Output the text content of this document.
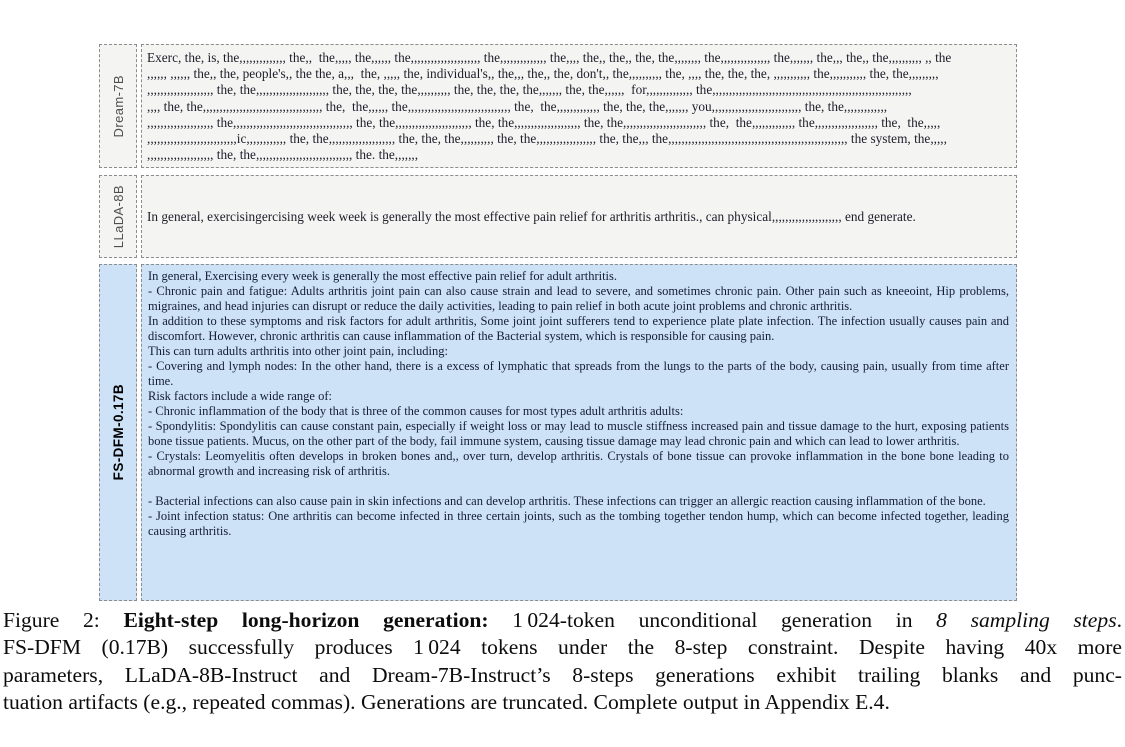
Dream-7B
Exerc, the, is, the,,,,,,,,,,,,,, the,,  the,,,,, the,,,,,, the,,,,,,,,,,,,,,,,,,,,, the,,,,,,,,,,,,,, the,,,, the,, the,, the, the,,,,,,,, the,,,,,,,,,,,,,,, the,,,,,,, the,,, the,, the,,,,,,,,,, ,, the
,,,,,, ,,,,,, the,, the, people's,, the the, a,,,  the, ,,,,, the, individual's,, the,,, the,, the, don't,, the,,,,,,,,,, the, ,,,, the, the, the, ,,,,,,,,,,, the,,,,,,,,,,, the, the,,,,,,,,,
,,,,,,,,,,,,,,,,,,,, the, the,,,,,,,,,,,,,,,,,,,,,, the, the, the, the,,,,,,,,,, the, the, the, the,,,,,,, the, the,,,,,,  for,,,,,,,,,,,,,, the,,,,,,,,,,,,,,,,,,,,,,,,,,,,,,,,,,,,,,,,,,,,,,,,,,,,,,,,,,,,
,,,, the, the,,,,,,,,,,,,,,,,,,,,,,,,,,,,,,,,,,,, the,  the,,,,,, the,,,,,,,,,,,,,,,,,,,,,,,,,,,,,,, the,  the,,,,,,,,,,,,, the, the, the,,,,,,, you,,,,,,,,,,,,,,,,,,,,,,,,,,, the, the,,,,,,,,,,,,,
,,,,,,,,,,,,,,,,,,,, the,,,,,,,,,,,,,,,,,,,,,,,,,,,,,,,,,,,, the, the,,,,,,,,,,,,,,,,,,,,,,, the, the,,,,,,,,,,,,,,,,,,,, the, the,,,,,,,,,,,,,,,,,,,,,,,,, the,  the,,,,,,,,,,,,, the,,,,,,,,,,,,,,,,,,, the,  the,,,,,
,,,,,,,,,,,,,,,,,,,,,,,,,,,ic,,,,,,,,,,,, the, the,,,,,,,,,,,,,,,,,,,, the, the, the,,,,,,,,,, the, the,,,,,,,,,,,,,,,,,, the, the,,, the,,,,,,,,,,,,,,,,,,,,,,,,,,,,,,,,,,,,,,,,,,,,,,,,,,,,,, the system, the,,,,,
,,,,,,,,,,,,,,,,,,,, the, the,,,,,,,,,,,,,,,,,,,,,,,,,,,,, the. the,,,,,,,
LLaDA-8B In general, exercisingercising week week is generally the most effective pain relief for arthritis arthritis., can physical,,,,,,,,,,,,,,,,,,,,, end generate.
FS-DFM-0.17B
In general, Exercising every week is generally the most effective pain relief for adult arthritis.
- Chronic pain and fatigue: Adults arthritis joint pain can also cause strain and lead to severe, and sometimes chronic pain. Other pain such as kneeoint, Hip problems, migraines, and head injuries can disrupt or reduce the daily activities, leading to pain relief in both acute joint problems and chronic arthritis.
In addition to these symptoms and risk factors for adult arthritis, Some joint joint sufferers tend to experience plate plate infection. The infection usually causes pain and discomfort. However, chronic arthritis can cause inflammation of the Bacterial system, which is responsible for causing pain.
This can turn adults arthritis into other joint pain, including:
- Covering and lymph nodes: In the other hand, there is a excess of lymphatic that spreads from the lungs to the parts of the body, causing pain, usually from time after time.
Risk factors include a wide range of:
- Chronic inflammation of the body that is three of the common causes for most types adult arthritis adults:
- Spondylitis: Spondylitis can cause constant pain, especially if weight loss or may lead to muscle stiffness increased pain and tissue damage to the hurt, exposing patients bone tissue patients. Mucus, on the other part of the body, fail immune system, causing tissue damage may lead chronic pain and which can lead to lower arthritis.
- Crystals: Leomyelitis often develops in broken bones and,, over turn, develop arthritis. Crystals of bone tissue can provoke inflammation in the bone bone leading to abnormal growth and increasing risk of arthritis.

- Bacterial infections can also cause pain in skin infections and can develop arthritis. These infections can trigger an allergic reaction causing inflammation of the bone.
- Joint infection status: One arthritis can become infected in three certain joints, such as the tombing together tendon hump, which can become infected together, leading causing arthritis.
Figure 2: Eight-step long-horizon generation: 1 024-token unconditional generation in 8 sampling steps.
FS-DFM (0.17B) successfully produces 1 024 tokens under the 8-step constraint. Despite having 40x more
parameters, LLaDA-8B-Instruct and Dream-7B-Instruct’s 8-steps generations exhibit trailing blanks and punc-
tuation artifacts (e.g., repeated commas). Generations are truncated. Complete output in Appendix E.4.
